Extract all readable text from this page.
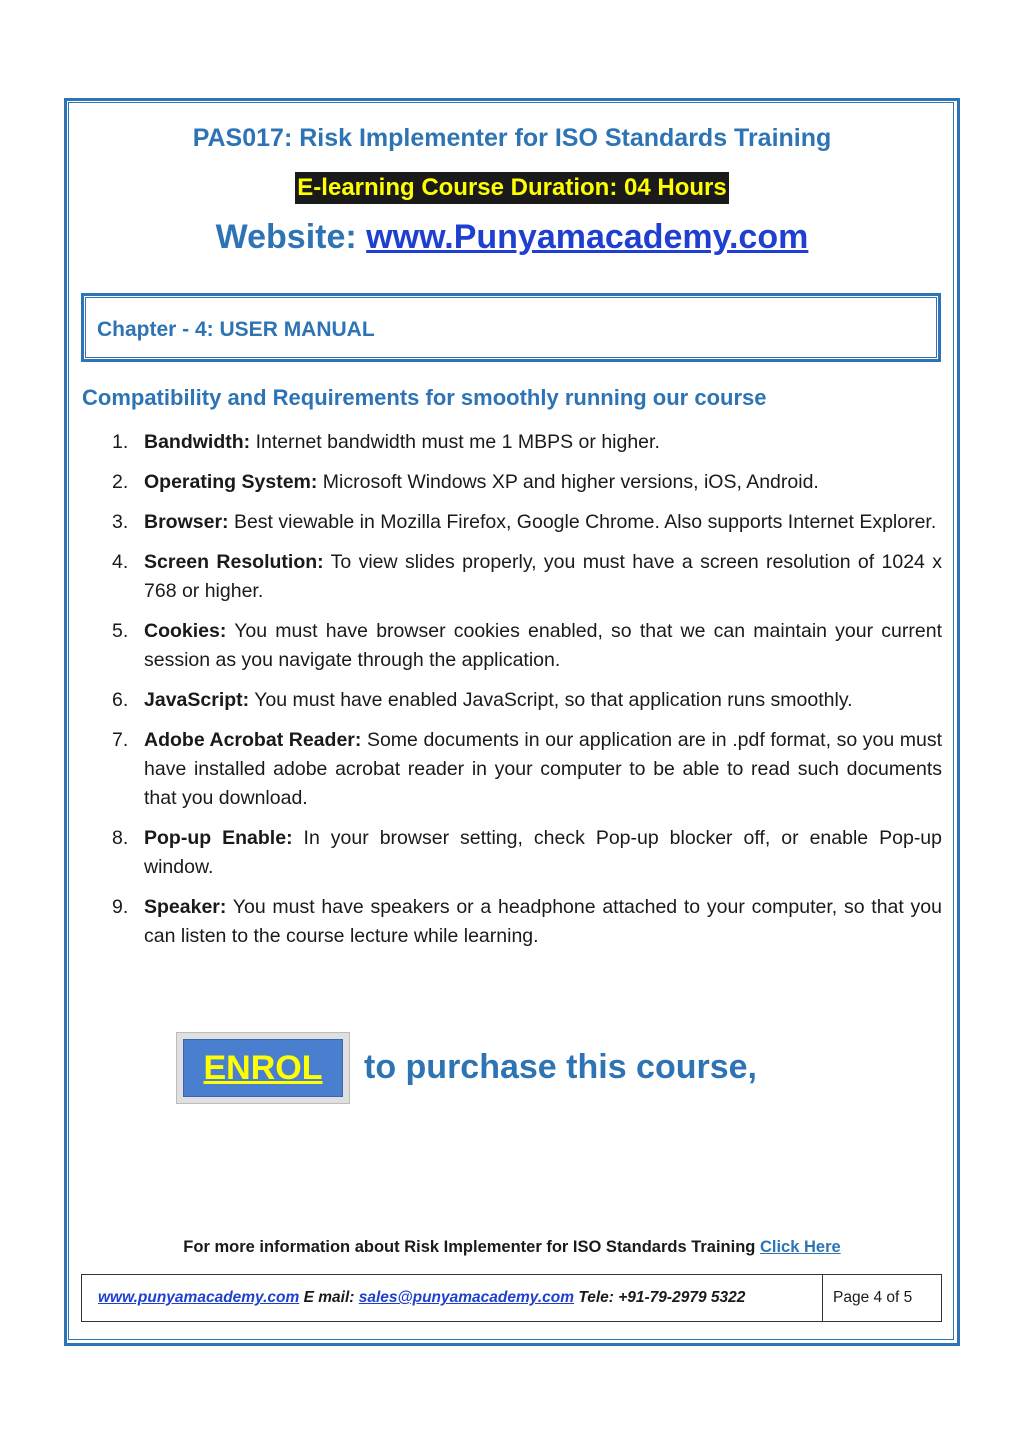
PAS017: Risk Implementer for ISO Standards Training
E-learning Course Duration: 04 Hours
Website: www.Punyamacademy.com
Chapter - 4: USER MANUAL
Compatibility and Requirements for smoothly running our course
1. Bandwidth: Internet bandwidth must me 1 MBPS or higher.
2. Operating System: Microsoft Windows XP and higher versions, iOS, Android.
3. Browser: Best viewable in Mozilla Firefox, Google Chrome. Also supports Internet Explorer.
4. Screen Resolution: To view slides properly, you must have a screen resolution of 1024 x 768 or higher.
5. Cookies: You must have browser cookies enabled, so that we can maintain your current session as you navigate through the application.
6. JavaScript: You must have enabled JavaScript, so that application runs smoothly.
7. Adobe Acrobat Reader: Some documents in our application are in .pdf format, so you must have installed adobe acrobat reader in your computer to be able to read such documents that you download.
8. Pop-up Enable: In your browser setting, check Pop-up blocker off, or enable Pop-up window.
9. Speaker: You must have speakers or a headphone attached to your computer, so that you can listen to the course lecture while learning.
ENROL to purchase this course,
For more information about Risk Implementer for ISO Standards Training Click Here
www.punyamacademy.com E mail: sales@punyamacademy.com Tele: +91-79-2979 5322	Page 4 of 5
